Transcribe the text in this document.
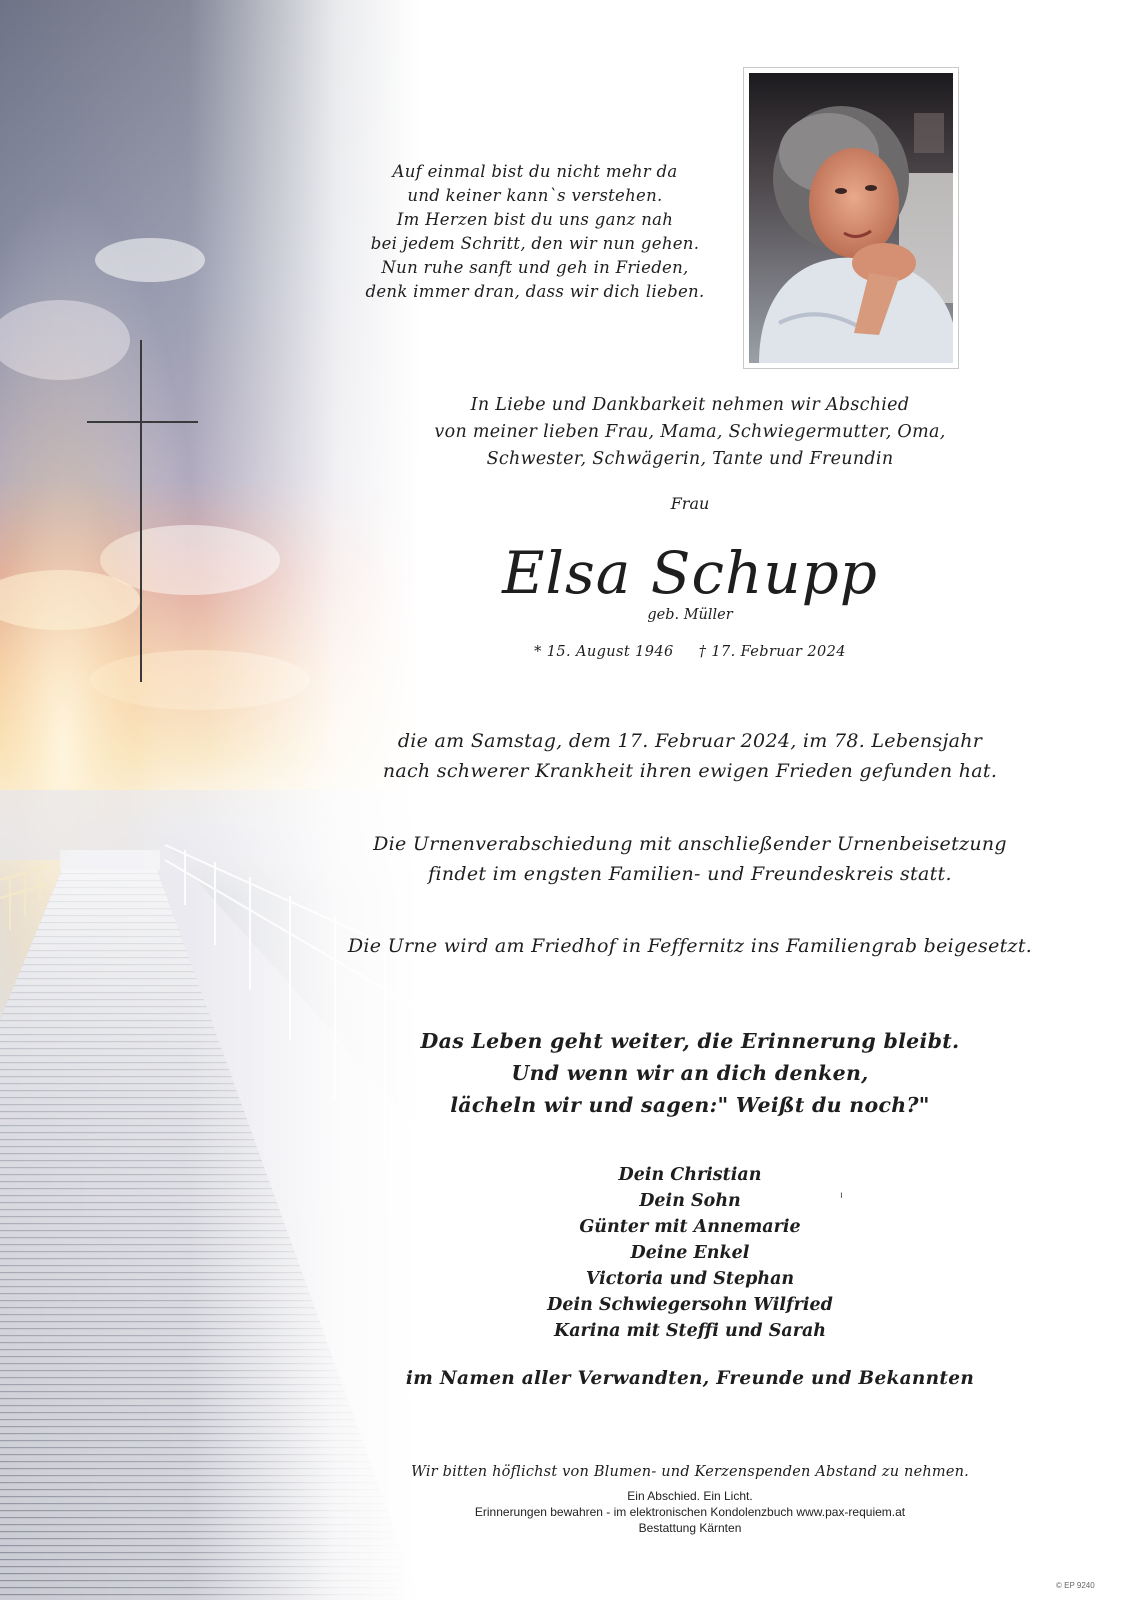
Auf einmal bist du nicht mehr da
und keiner kann`s verstehen.
Im Herzen bist du uns ganz nah
bei jedem Schritt, den wir nun gehen.
Nun ruhe sanft und geh in Frieden,
denk immer dran, dass wir dich lieben.
In Liebe und Dankbarkeit nehmen wir Abschied
von meiner lieben Frau, Mama, Schwiegermutter, Oma,
Schwester, Schwägerin, Tante und Freundin
Frau
Elsa Schupp
geb. Müller
* 15. August 1946 † 17. Februar 2024
die am Samstag, dem 17. Februar 2024, im 78. Lebensjahr
nach schwerer Krankheit ihren ewigen Frieden gefunden hat.
Die Urnenverabschiedung mit anschließender Urnenbeisetzung
findet im engsten Familien- und Freundeskreis statt.
Die Urne wird am Friedhof in Feffernitz ins Familiengrab beigesetzt.
Das Leben geht weiter, die Erinnerung bleibt.
Und wenn wir an dich denken,
lächeln wir und sagen:" Weißt du noch?"
ı
Dein Christian
Dein Sohn
Günter mit Annemarie
Deine Enkel
Victoria und Stephan
Dein Schwiegersohn Wilfried
Karina mit Steffi und Sarah
im Namen aller Verwandten, Freunde und Bekannten
Wir bitten höflichst von Blumen- und Kerzenspenden Abstand zu nehmen.
Ein Abschied. Ein Licht.
Erinnerungen bewahren - im elektronischen Kondolenzbuch www.pax-requiem.at
Bestattung Kärnten
© EP 9240
